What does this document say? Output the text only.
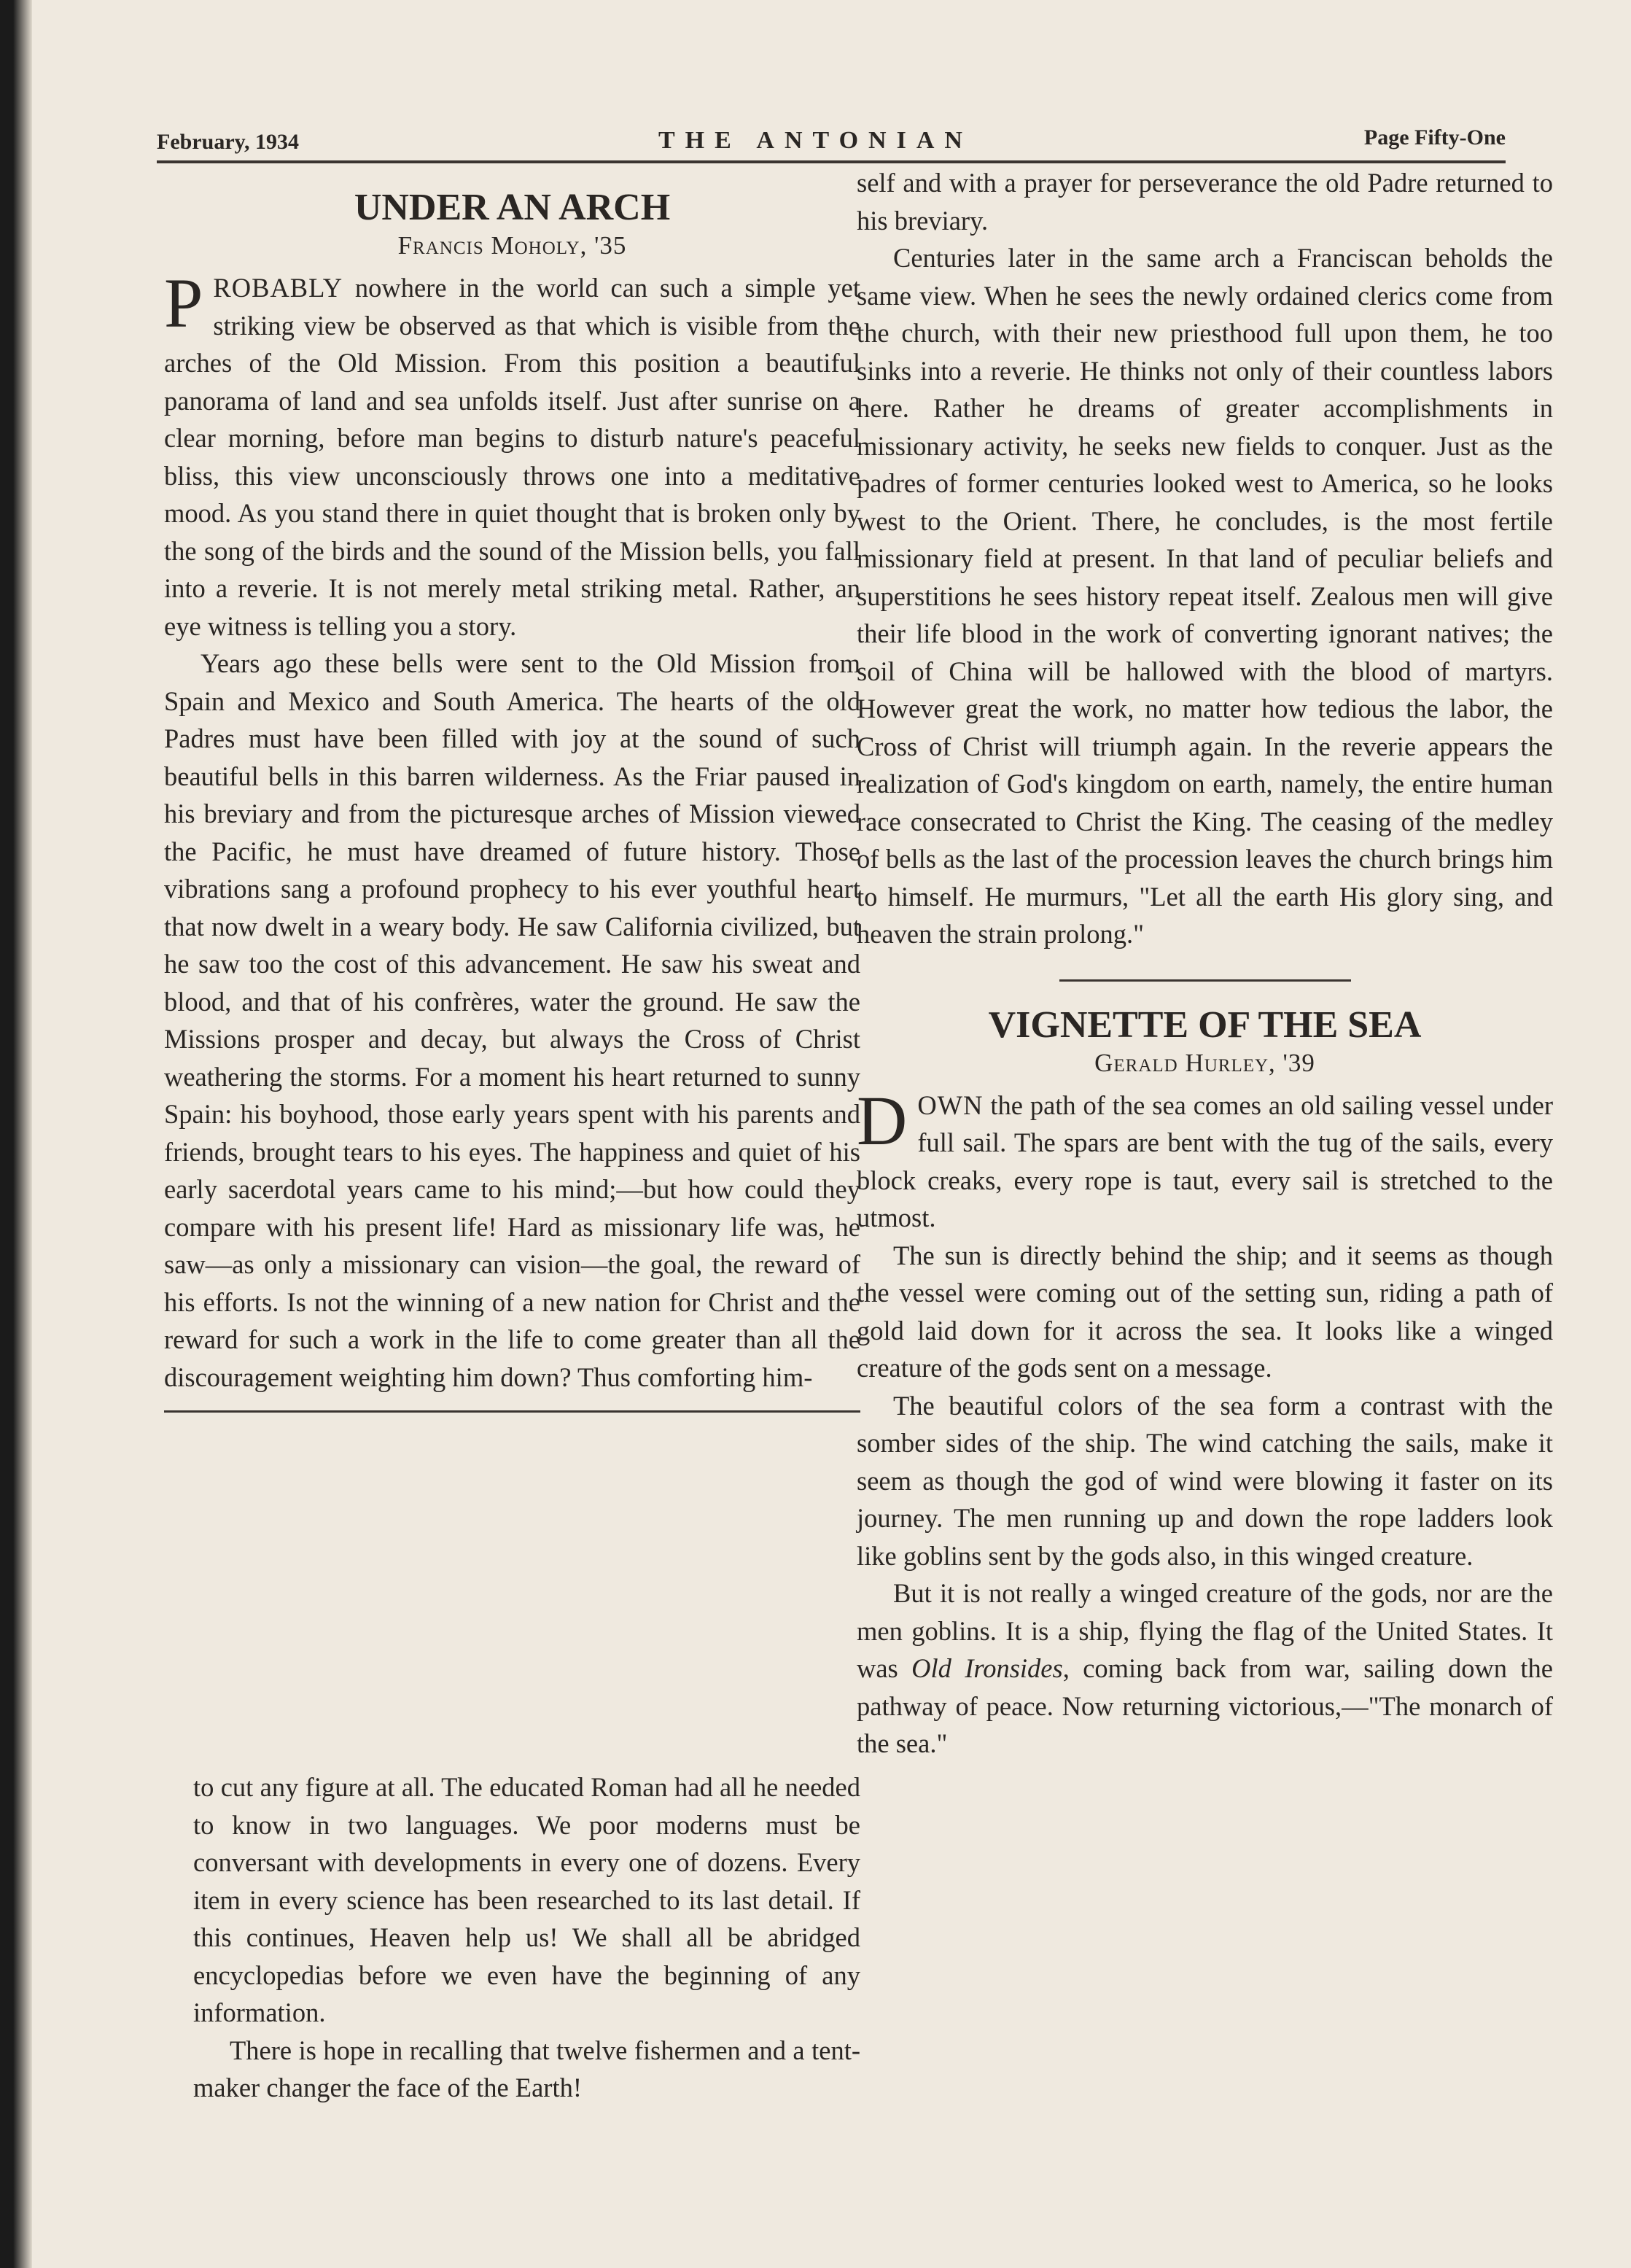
February, 1934	THE ANTONIAN	Page Fifty-One
UNDER AN ARCH
Francis Moholy, '35

PROBABLY nowhere in the world can such a simple yet striking view be observed as that which is visible from the arches of the Old Mission. From this position a beautiful panorama of land and sea unfolds itself. Just after sunrise on a clear morning, before man begins to disturb nature's peaceful bliss, this view unconsciously throws one into a meditative mood. As you stand there in quiet thought that is broken only by the song of the birds and the sound of the Mission bells, you fall into a reverie. It is not merely metal striking metal. Rather, an eye witness is telling you a story.

Years ago these bells were sent to the Old Mission from Spain and Mexico and South America. The hearts of the old Padres must have been filled with joy at the sound of such beautiful bells in this barren wilderness. As the Friar paused in his breviary and from the picturesque arches of Mission viewed the Pacific, he must have dreamed of future history. Those vibrations sang a profound prophecy to his ever youthful heart that now dwelt in a weary body. He saw California civilized, but he saw too the cost of this advancement. He saw his sweat and blood, and that of his confrères, water the ground. He saw the Missions prosper and decay, but always the Cross of Christ weathering the storms. For a moment his heart returned to sunny Spain: his boyhood, those early years spent with his parents and friends, brought tears to his eyes. The happiness and quiet of his early sacerdotal years came to his mind;—but how could they compare with his present life! Hard as missionary life was, he saw—as only a missionary can vision—the goal, the reward of his efforts. Is not the winning of a new nation for Christ and the reward for such a work in the life to come greater than all the discouragement weighting him down? Thus comforting him-

to cut any figure at all. The educated Roman had all he needed to know in two languages. We poor moderns must be conversant with developments in every one of dozens. Every item in every science has been researched to its last detail. If this continues, Heaven help us! We shall all be abridged encyclopedias before we even have the beginning of any information.

There is hope in recalling that twelve fishermen and a tent-maker changer the face of the Earth!

self and with a prayer for perseverance the old Padre returned to his breviary.

Centuries later in the same arch a Franciscan beholds the same view. When he sees the newly ordained clerics come from the church, with their new priesthood full upon them, he too sinks into a reverie. He thinks not only of their countless labors here. Rather he dreams of greater accomplishments in missionary activity, he seeks new fields to conquer. Just as the padres of former centuries looked west to America, so he looks west to the Orient. There, he concludes, is the most fertile missionary field at present. In that land of peculiar beliefs and superstitions he sees history repeat itself. Zealous men will give their life blood in the work of converting ignorant natives; the soil of China will be hallowed with the blood of martyrs. However great the work, no matter how tedious the labor, the Cross of Christ will triumph again. In the reverie appears the realization of God's kingdom on earth, namely, the entire human race consecrated to Christ the King. The ceasing of the medley of bells as the last of the procession leaves the church brings him to himself. He murmurs, "Let all the earth His glory sing, and heaven the strain prolong."

VIGNETTE OF THE SEA
Gerald Hurley, '39

DOWN the path of the sea comes an old sailing vessel under full sail. The spars are bent with the tug of the sails, every block creaks, every rope is taut, every sail is stretched to the utmost.

The sun is directly behind the ship; and it seems as though the vessel were coming out of the setting sun, riding a path of gold laid down for it across the sea. It looks like a winged creature of the gods sent on a message.

The beautiful colors of the sea form a contrast with the somber sides of the ship. The wind catching the sails, make it seem as though the god of wind were blowing it faster on its journey. The men running up and down the rope ladders look like goblins sent by the gods also, in this winged creature.

But it is not really a winged creature of the gods, nor are the men goblins. It is a ship, flying the flag of the United States. It was Old Ironsides, coming back from war, sailing down the pathway of peace. Now returning victorious,—"The monarch of the sea."
